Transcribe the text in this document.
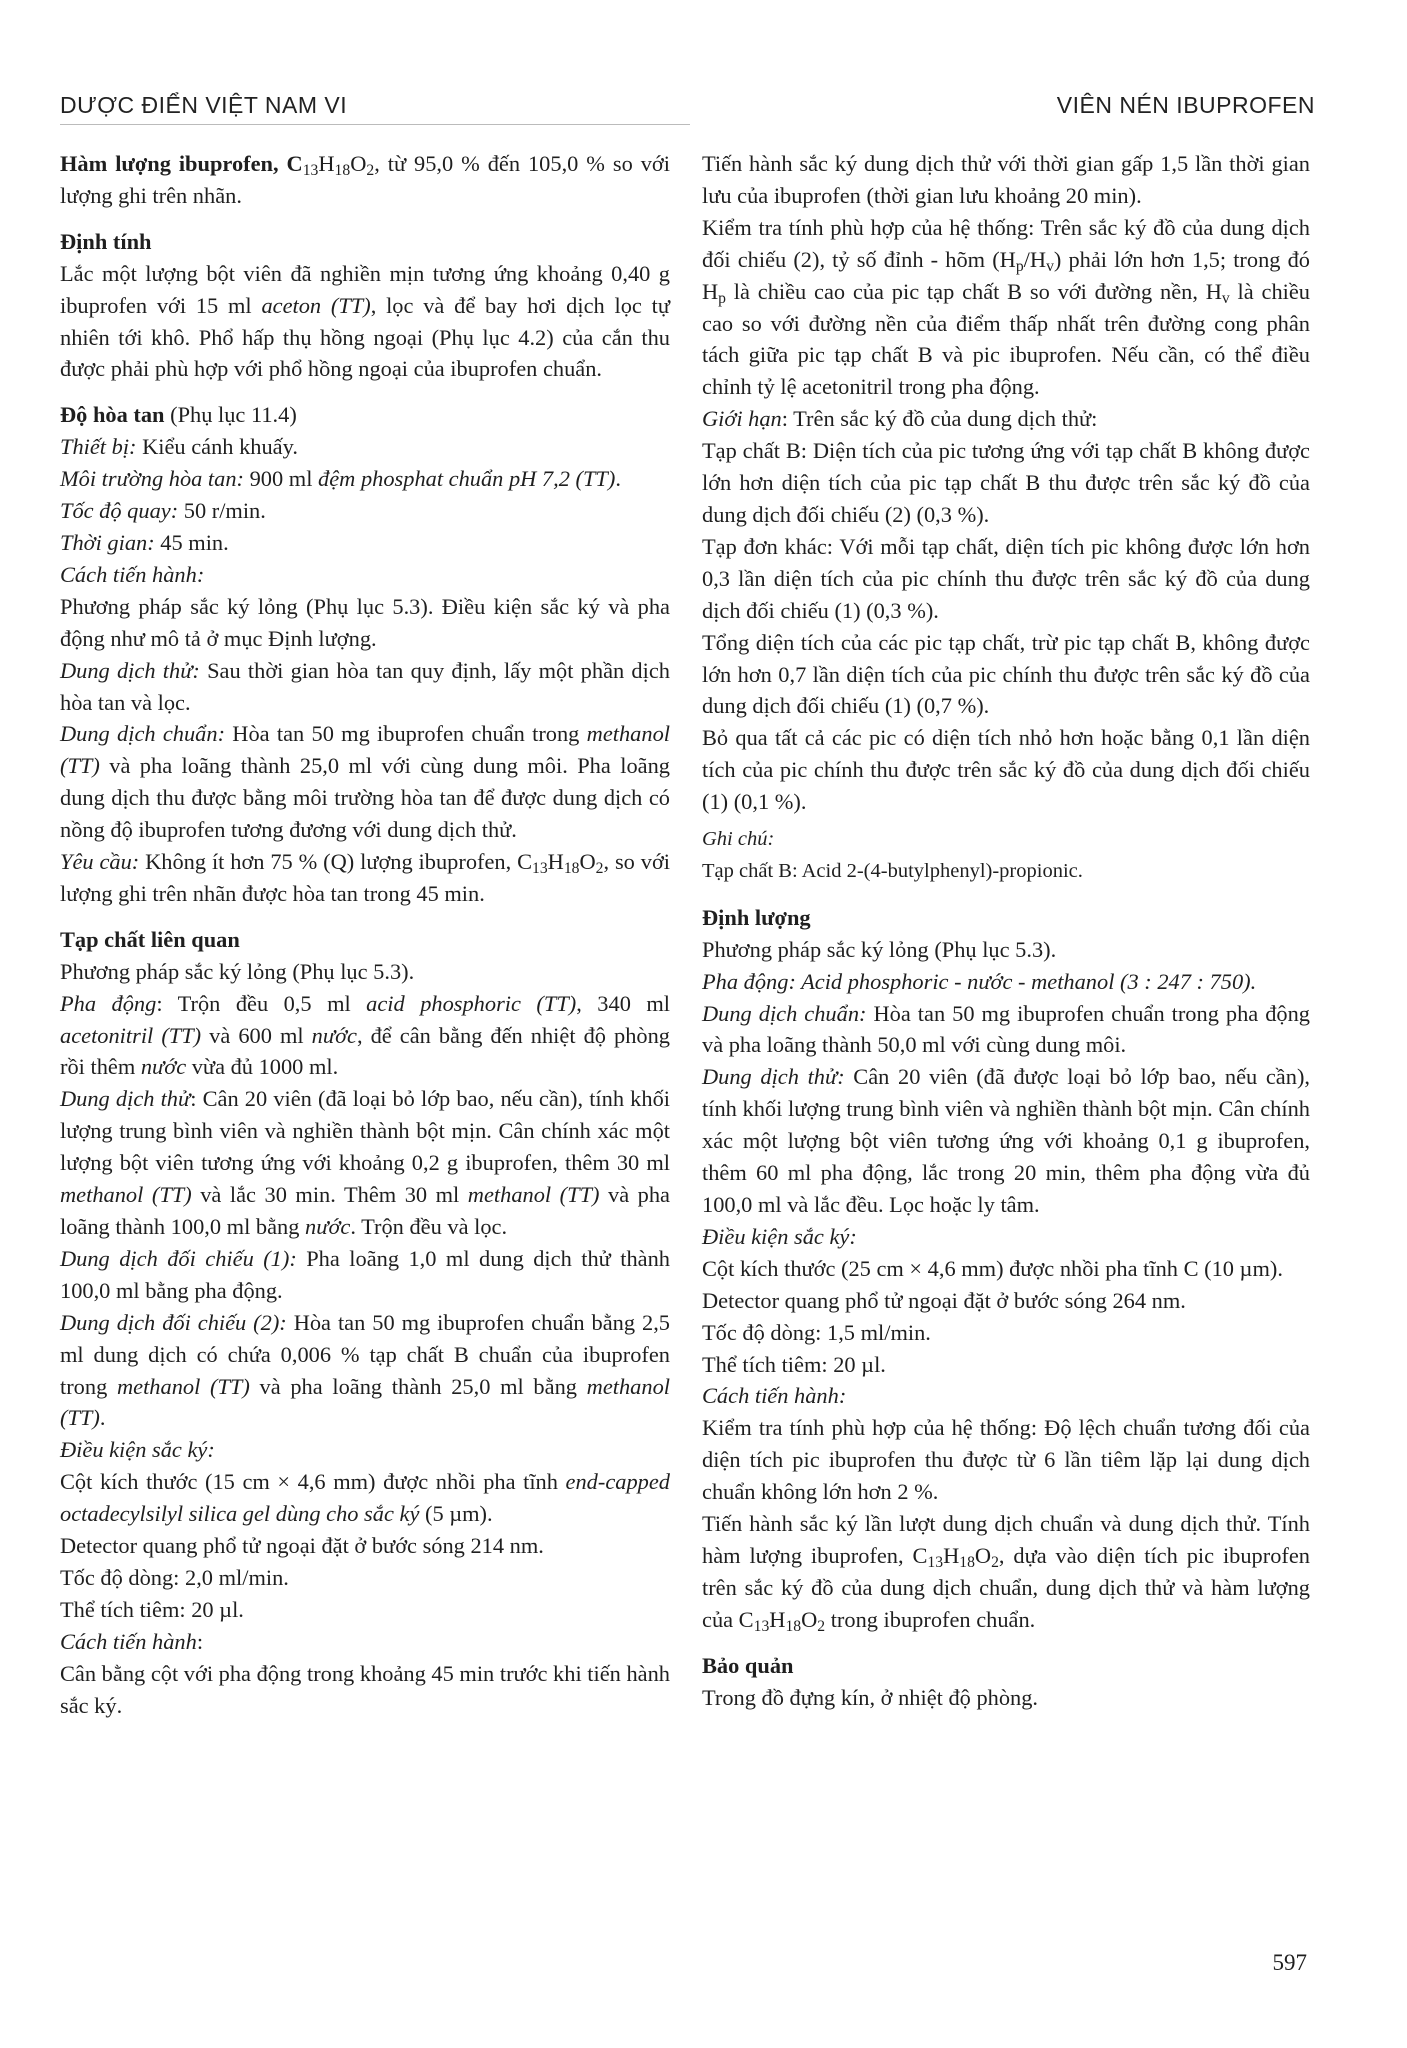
DƯỢC ĐIỂN VIỆT NAM VI	VIÊN NÉN IBUPROFEN

Hàm lượng ibuprofen, $C_{13}H_{18}O_2$, từ 95,0 % đến 105,0 % so với lượng ghi trên nhãn.

Định tính

Lắc một lượng bột viên đã nghiền mịn tương ứng khoảng 0,40 g ibuprofen với 15 ml aceton (TT), lọc và để bay hơi dịch lọc tự nhiên tới khô. Phổ hấp thụ hồng ngoại (Phụ lục 4.2) của cắn thu được phải phù hợp với phổ hồng ngoại của ibuprofen chuẩn.

Độ hòa tan (Phụ lục 11.4)

Thiết bị: Kiểu cánh khuấy.

Môi trường hòa tan: 900 ml đệm phosphat chuẩn pH 7,2 (TT).

Tốc độ quay: 50 r/min.

Thời gian: 45 min.

Cách tiến hành:

Phương pháp sắc ký lỏng (Phụ lục 5.3). Điều kiện sắc ký và pha động như mô tả ở mục Định lượng.

Dung dịch thử: Sau thời gian hòa tan quy định, lấy một phần dịch hòa tan và lọc.

Dung dịch chuẩn: Hòa tan 50 mg ibuprofen chuẩn trong methanol (TT) và pha loãng thành 25,0 ml với cùng dung môi. Pha loãng dung dịch thu được bằng môi trường hòa tan để được dung dịch có nồng độ ibuprofen tương đương với dung dịch thử.

Yêu cầu: Không ít hơn 75 % (Q) lượng ibuprofen, $C_{13}H_{18}O_2$, so với lượng ghi trên nhãn được hòa tan trong 45 min.

Tạp chất liên quan

Phương pháp sắc ký lỏng (Phụ lục 5.3).

Pha động: Trộn đều 0,5 ml acid phosphoric (TT), 340 ml acetonitril (TT) và 600 ml nước, để cân bằng đến nhiệt độ phòng rồi thêm nước vừa đủ 1000 ml.

Dung dịch thử: Cân 20 viên (đã loại bỏ lớp bao, nếu cần), tính khối lượng trung bình viên và nghiền thành bột mịn. Cân chính xác một lượng bột viên tương ứng với khoảng 0,2 g ibuprofen, thêm 30 ml methanol (TT) và lắc 30 min. Thêm 30 ml methanol (TT) và pha loãng thành 100,0 ml bằng nước. Trộn đều và lọc.

Dung dịch đối chiếu (1): Pha loãng 1,0 ml dung dịch thử thành 100,0 ml bằng pha động.

Dung dịch đối chiếu (2): Hòa tan 50 mg ibuprofen chuẩn bằng 2,5 ml dung dịch có chứa 0,006 % tạp chất B chuẩn của ibuprofen trong methanol (TT) và pha loãng thành 25,0 ml bằng methanol (TT).

Điều kiện sắc ký:

Cột kích thước (15 cm × 4,6 mm) được nhồi pha tĩnh end-capped octadecylsilyl silica gel dùng cho sắc ký (5 µm).

Detector quang phổ tử ngoại đặt ở bước sóng 214 nm.

Tốc độ dòng: 2,0 ml/min.

Thể tích tiêm: 20 µl.

Cách tiến hành:

Cân bằng cột với pha động trong khoảng 45 min trước khi tiến hành sắc ký.

Tiến hành sắc ký dung dịch thử với thời gian gấp 1,5 lần thời gian lưu của ibuprofen (thời gian lưu khoảng 20 min).

Kiểm tra tính phù hợp của hệ thống: Trên sắc ký đồ của dung dịch đối chiếu (2), tỷ số đỉnh - hõm $(H_p/H_v)$ phải lớn hơn 1,5; trong đó $H_p$ là chiều cao của pic tạp chất B so với đường nền, $H_v$ là chiều cao so với đường nền của điểm thấp nhất trên đường cong phân tách giữa pic tạp chất B và pic ibuprofen. Nếu cần, có thể điều chỉnh tỷ lệ acetonitril trong pha động.

Giới hạn: Trên sắc ký đồ của dung dịch thử:

Tạp chất B: Diện tích của pic tương ứng với tạp chất B không được lớn hơn diện tích của pic tạp chất B thu được trên sắc ký đồ của dung dịch đối chiếu (2) (0,3 %).

Tạp đơn khác: Với mỗi tạp chất, diện tích pic không được lớn hơn 0,3 lần diện tích của pic chính thu được trên sắc ký đồ của dung dịch đối chiếu (1) (0,3 %).

Tổng diện tích của các pic tạp chất, trừ pic tạp chất B, không được lớn hơn 0,7 lần diện tích của pic chính thu được trên sắc ký đồ của dung dịch đối chiếu (1) (0,7 %).

Bỏ qua tất cả các pic có diện tích nhỏ hơn hoặc bằng 0,1 lần diện tích của pic chính thu được trên sắc ký đồ của dung dịch đối chiếu (1) (0,1 %).

Ghi chú:

Tạp chất B: Acid 2-(4-butylphenyl)-propionic.

Định lượng

Phương pháp sắc ký lỏng (Phụ lục 5.3).

Pha động: Acid phosphoric - nước - methanol (3 : 247 : 750).

Dung dịch chuẩn: Hòa tan 50 mg ibuprofen chuẩn trong pha động và pha loãng thành 50,0 ml với cùng dung môi.

Dung dịch thử: Cân 20 viên (đã được loại bỏ lớp bao, nếu cần), tính khối lượng trung bình viên và nghiền thành bột mịn. Cân chính xác một lượng bột viên tương ứng với khoảng 0,1 g ibuprofen, thêm 60 ml pha động, lắc trong 20 min, thêm pha động vừa đủ 100,0 ml và lắc đều. Lọc hoặc ly tâm.

Điều kiện sắc ký:

Cột kích thước (25 cm × 4,6 mm) được nhồi pha tĩnh C (10 µm).

Detector quang phổ tử ngoại đặt ở bước sóng 264 nm.

Tốc độ dòng: 1,5 ml/min.

Thể tích tiêm: 20 µl.

Cách tiến hành:

Kiểm tra tính phù hợp của hệ thống: Độ lệch chuẩn tương đối của diện tích pic ibuprofen thu được từ 6 lần tiêm lặp lại dung dịch chuẩn không lớn hơn 2 %.

Tiến hành sắc ký lần lượt dung dịch chuẩn và dung dịch thử. Tính hàm lượng ibuprofen, $C_{13}H_{18}O_2$, dựa vào diện tích pic ibuprofen trên sắc ký đồ của dung dịch chuẩn, dung dịch thử và hàm lượng của $C_{13}H_{18}O_2$ trong ibuprofen chuẩn.

Bảo quản

Trong đồ đựng kín, ở nhiệt độ phòng.

597
